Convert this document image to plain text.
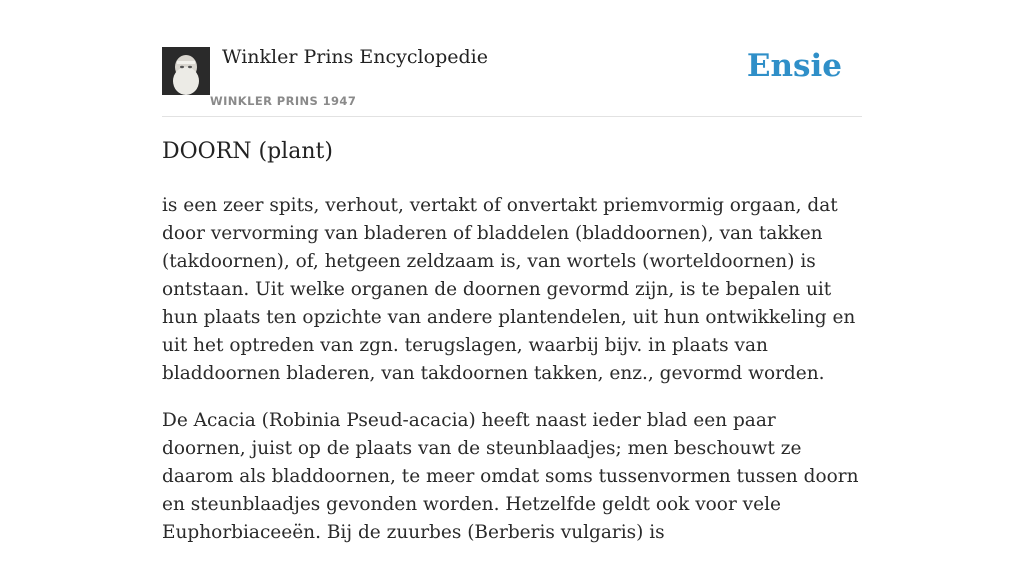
Winkler Prins Encyclopedie
WINKLER PRINS 1947
Ensie
DOORN (plant)

is een zeer spits, verhout, vertakt of onvertakt priemvormig orgaan, dat door vervorming van bladeren of bladdelen (bladdoornen), van takken (takdoornen), of, hetgeen zeldzaam is, van wortels (worteldoornen) is ontstaan. Uit welke organen de doornen gevormd zijn, is te bepalen uit hun plaats ten opzichte van andere plantendelen, uit hun ontwikkeling en uit het optreden van zgn. terugslagen, waarbij bijv. in plaats van bladdoornen bladeren, van takdoornen takken, enz., gevormd worden.

De Acacia (Robinia Pseud-acacia) heeft naast ieder blad een paar doornen, juist op de plaats van de steunblaadjes; men beschouwt ze daarom als bladdoornen, te meer omdat soms tussenvormen tussen doorn en steunblaadjes gevonden worden. Hetzelfde geldt ook voor vele Euphorbiaceeën. Bij de zuurbes (Berberis vulgaris) is
